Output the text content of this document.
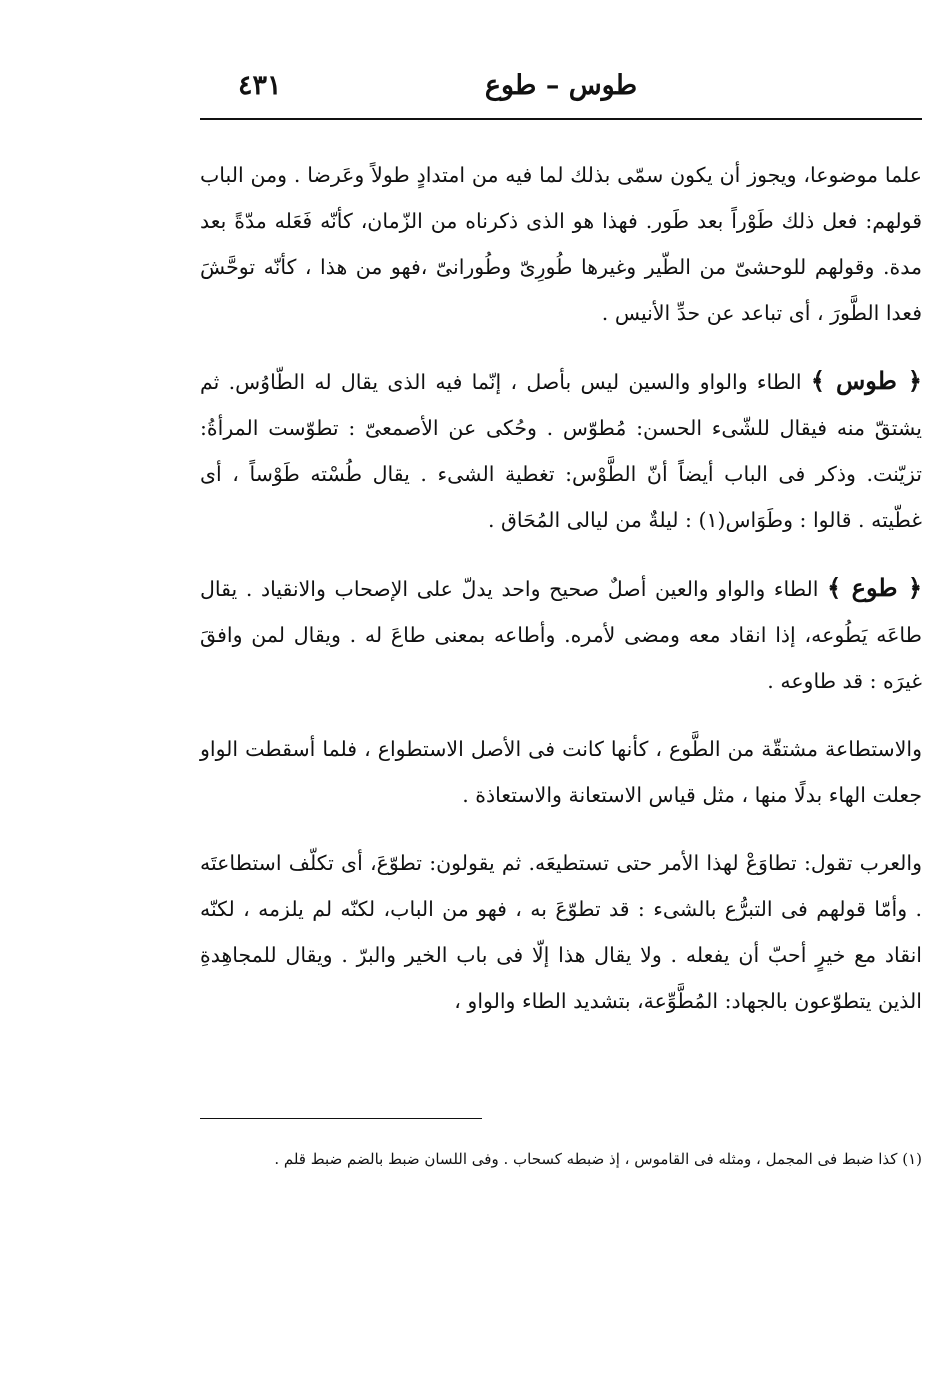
طوس – طوع
٤٣١

علما موضوعا، ويجوز أن يكون سمّى بذلك لما فيه من امتدادٍ طولاً وعَرضا . ومن الباب قولهم: فعل ذلك طَوْراً بعد طَور. فهذا هو الذى ذكرناه من الزّمان، كأنّه فَعَله مدّةً بعد مدة. وقولهم للوحشىّ من الطّير وغيرها طُورِىّ وطُورانىّ ،فهو من هذا ، كأنّه توحَّشَ فعدا الطَّورَ ، أى تباعد عن حدِّ الأنيس .

﴿ طوس ﴾ الطاء والواو والسين ليس بأصل ، إنّما فيه الذى يقال له الطّاوُس. ثم يشتقّ منه فيقال للشّىء الحسن: مُطوّس . وحُكى عن الأصمعىّ : تطوّست المرأةُ: تزيّنت. وذكر فى الباب أيضاً أنّ الطَّوْس: تغطية الشىء . يقال طُسْته طَوْساً ، أى غطّيته . قالوا : وطَوَاس(١) : ليلةٌ من ليالى المُحَاق .

﴿ طوع ﴾ الطاء والواو والعين أصلٌ صحيح واحد يدلّ على الإصحاب والانقياد . يقال طاعَه يَطُوعه، إذا انقاد معه ومضى لأمره. وأطاعه بمعنى طاعَ له . ويقال لمن وافقَ غيرَه : قد طاوعه .

والاستطاعة مشتقّة من الطَّوع ، كأنها كانت فى الأصل الاستطواع ، فلما أسقطت الواو جعلت الهاء بدلًا منها ، مثل قياس الاستعانة والاستعاذة .

والعرب تقول: تطاوَعْ لهذا الأمر حتى تستطيعَه. ثم يقولون: تطوّعَ، أى تكلّف استطاعتَه . وأمّا قولهم فى التبرُّع بالشىء : قد تطوّعَ به ، فهو من الباب، لكنّه لم يلزمه ، لكنّه انقاد مع خيرٍ أحبّ أن يفعله . ولا يقال هذا إلّا فى باب الخير والبرّ . ويقال للمجاهِدةِ الذين يتطوّعون بالجهاد: المُطَّوِّعة، بتشديد الطاء والواو ،

(١) كذا ضبط فى المجمل ، ومثله فى القاموس ، إذ ضبطه كسحاب . وفى اللسان ضبط بالضم ضبط قلم .
